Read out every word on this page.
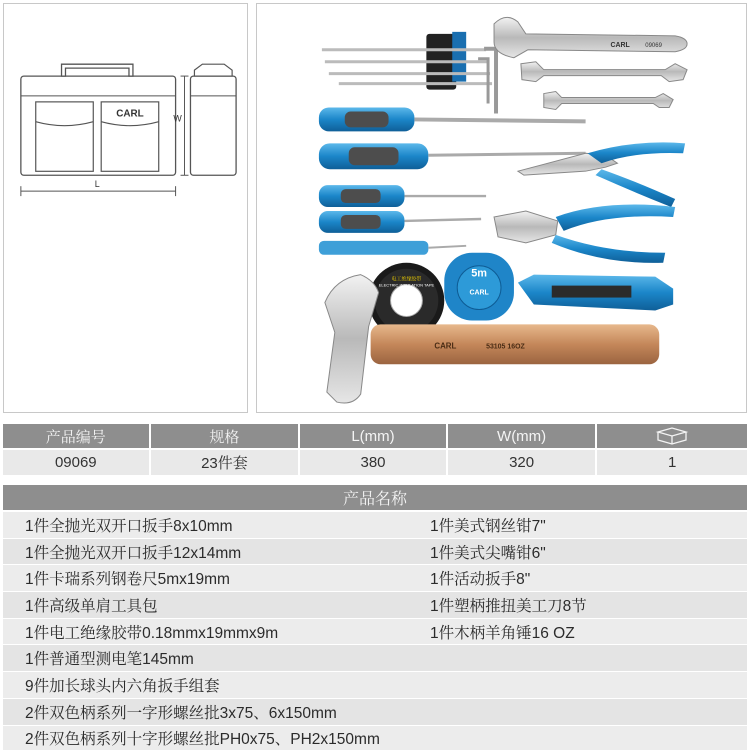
CARL	W
L
CARL	09069
电工绝缘胶带
ELECTRIC INSULATION TAPE
5m
CARL
CARL	53105 16OZ
产品编号	规格	L(mm)	W(mm)
09069	23件套	380	320	1
产品名称
1件全抛光双开口扳手8x10mm	1件美式钢丝钳7"
1件全抛光双开口扳手12x14mm	1件美式尖嘴钳6"
1件卡瑞系列钢卷尺5mx19mm	1件活动扳手8"
1件高级单肩工具包	1件塑柄推扭美工刀8节
1件电工绝缘胶带0.18mmx19mmx9m	1件木柄羊角锤16 OZ
1件普通型测电笔145mm
9件加长球头内六角扳手组套
2件双色柄系列一字形螺丝批3x75、6x150mm
2件双色柄系列十字形螺丝批PH0x75、PH2x150mm
